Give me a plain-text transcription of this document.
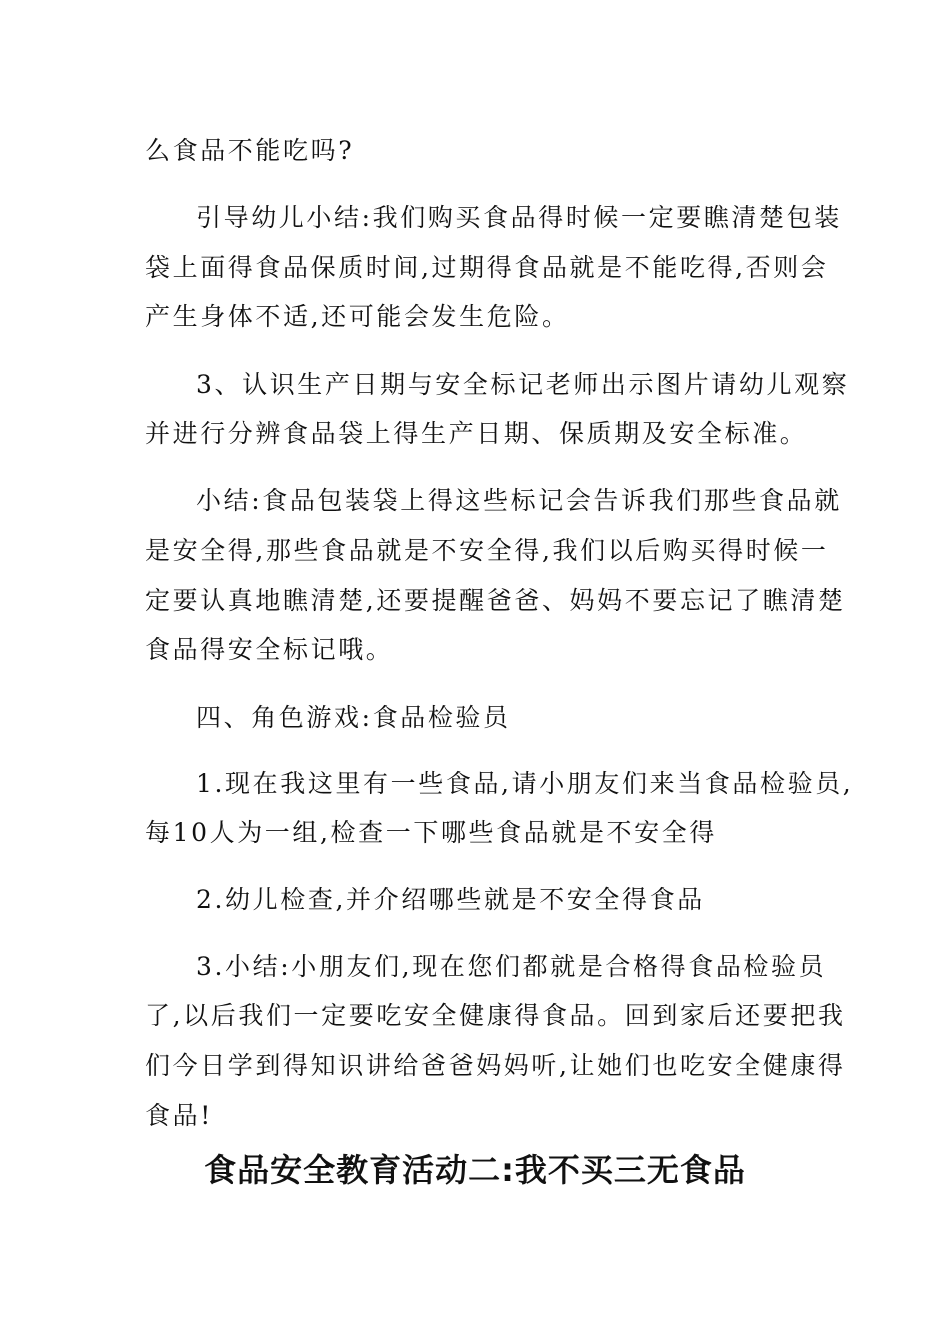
么食品不能吃吗?
引导幼儿小结:我们购买食品得时候一定要瞧清楚包装
袋上面得食品保质时间,过期得食品就是不能吃得,否则会
产生身体不适,还可能会发生危险。
3、认识生产日期与安全标记老师出示图片请幼儿观察
并进行分辨食品袋上得生产日期、保质期及安全标准。
小结:食品包装袋上得这些标记会告诉我们那些食品就
是安全得,那些食品就是不安全得,我们以后购买得时候一
定要认真地瞧清楚,还要提醒爸爸、妈妈不要忘记了瞧清楚
食品得安全标记哦。
四、角色游戏:食品检验员
1.现在我这里有一些食品,请小朋友们来当食品检验员,
每10人为一组,检查一下哪些食品就是不安全得
2.幼儿检查,并介绍哪些就是不安全得食品
3.小结:小朋友们,现在您们都就是合格得食品检验员
了,以后我们一定要吃安全健康得食品。回到家后还要把我
们今日学到得知识讲给爸爸妈妈听,让她们也吃安全健康得
食品!
食品安全教育活动二:我不买三无食品
